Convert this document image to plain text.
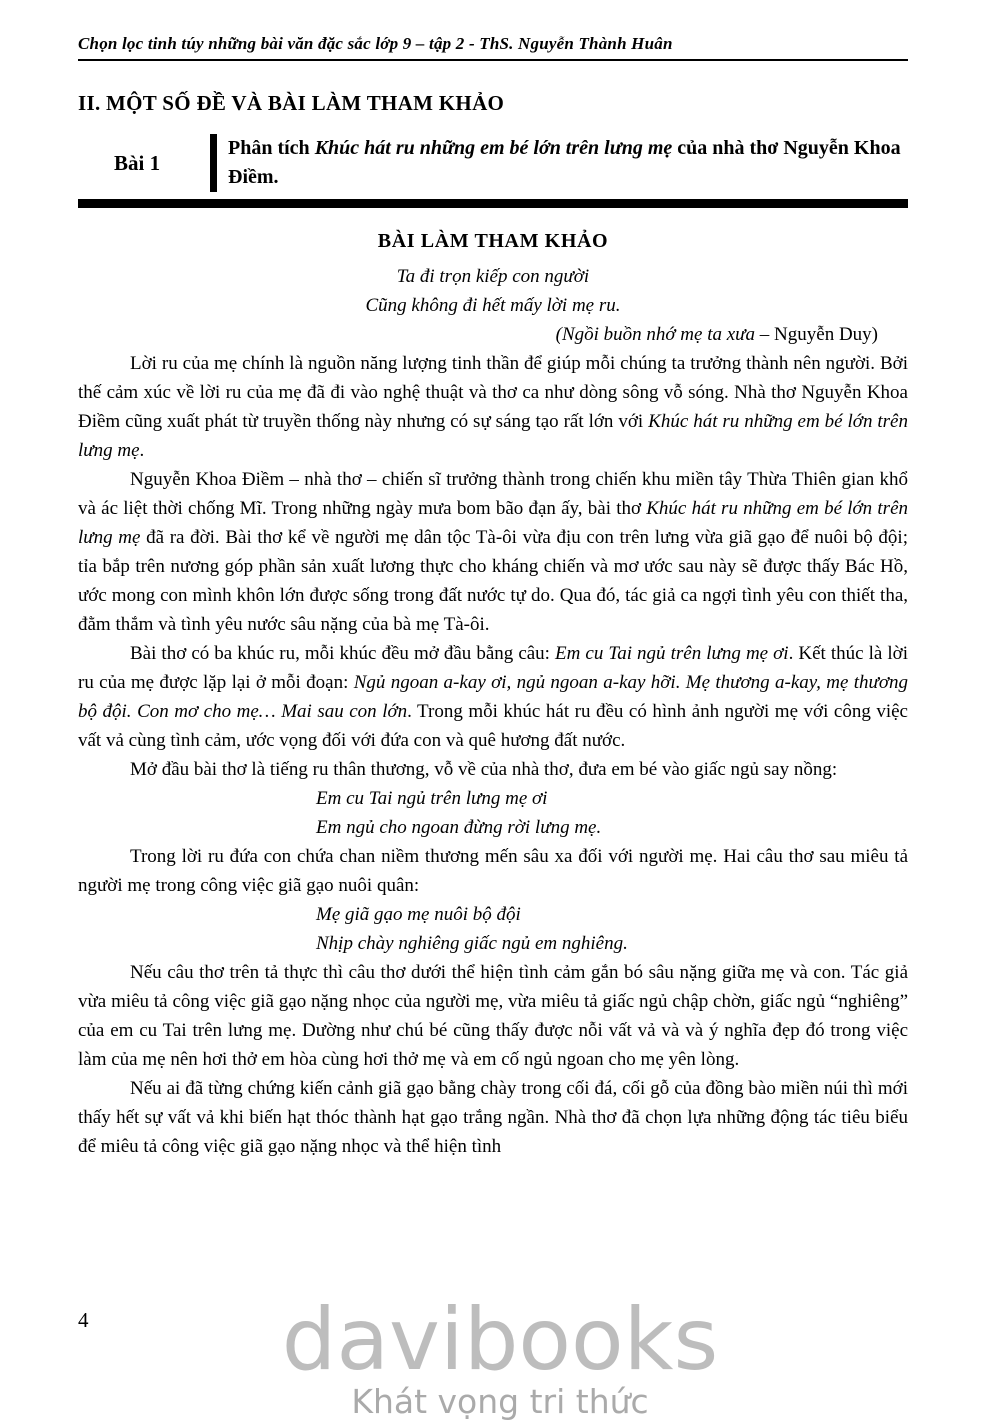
Chọn lọc tinh túy những bài văn đặc sắc lớp 9 – tập 2 - ThS. Nguyễn Thành Huân
II. MỘT SỐ ĐỀ VÀ BÀI LÀM THAM KHẢO
Bài 1
Phân tích Khúc hát ru những em bé lớn trên lưng mẹ của nhà thơ Nguyễn Khoa Điềm.
BÀI LÀM THAM KHẢO
Ta đi trọn kiếp con người
Cũng không đi hết mấy lời mẹ ru.
(Ngồi buồn nhớ mẹ ta xưa – Nguyễn Duy)

Lời ru của mẹ chính là nguồn năng lượng tinh thần để giúp mỗi chúng ta trưởng thành nên người. Bởi thế cảm xúc về lời ru của mẹ đã đi vào nghệ thuật và thơ ca như dòng sông vỗ sóng. Nhà thơ Nguyễn Khoa Điềm cũng xuất phát từ truyền thống này nhưng có sự sáng tạo rất lớn với Khúc hát ru những em bé lớn trên lưng mẹ.

Nguyễn Khoa Điềm – nhà thơ – chiến sĩ trưởng thành trong chiến khu miền tây Thừa Thiên gian khổ và ác liệt thời chống Mĩ. Trong những ngày mưa bom bão đạn ấy, bài thơ Khúc hát ru những em bé lớn trên lưng mẹ đã ra đời. Bài thơ kể về người mẹ dân tộc Tà-ôi vừa địu con trên lưng vừa giã gạo để nuôi bộ đội; tỉa bắp trên nương góp phần sản xuất lương thực cho kháng chiến và mơ ước sau này sẽ được thấy Bác Hồ, ước mong con mình khôn lớn được sống trong đất nước tự do. Qua đó, tác giả ca ngợi tình yêu con thiết tha, đằm thắm và tình yêu nước sâu nặng của bà mẹ Tà-ôi.

Bài thơ có ba khúc ru, mỗi khúc đều mở đầu bằng câu: Em cu Tai ngủ trên lưng mẹ ơi. Kết thúc là lời ru của mẹ được lặp lại ở mỗi đoạn: Ngủ ngoan a-kay ơi, ngủ ngoan a-kay hỡi. Mẹ thương a-kay, mẹ thương bộ đội. Con mơ cho mẹ… Mai sau con lớn. Trong mỗi khúc hát ru đều có hình ảnh người mẹ với công việc vất vả cùng tình cảm, ước vọng đối với đứa con và quê hương đất nước.

Mở đầu bài thơ là tiếng ru thân thương, vỗ về của nhà thơ, đưa em bé vào giấc ngủ say nồng:

Em cu Tai ngủ trên lưng mẹ ơi
Em ngủ cho ngoan đừng rời lưng mẹ.

Trong lời ru đứa con chứa chan niềm thương mến sâu xa đối với người mẹ. Hai câu thơ sau miêu tả người mẹ trong công việc giã gạo nuôi quân:

Mẹ giã gạo mẹ nuôi bộ đội
Nhịp chày nghiêng giấc ngủ em nghiêng.

Nếu câu thơ trên tả thực thì câu thơ dưới thể hiện tình cảm gắn bó sâu nặng giữa mẹ và con. Tác giả vừa miêu tả công việc giã gạo nặng nhọc của người mẹ, vừa miêu tả giấc ngủ chập chờn, giấc ngủ “nghiêng” của em cu Tai trên lưng mẹ. Dường như chú bé cũng thấy được nỗi vất vả và và ý nghĩa đẹp đó trong việc làm của mẹ nên hơi thở em hòa cùng hơi thở mẹ và em cố ngủ ngoan cho mẹ yên lòng.

Nếu ai đã từng chứng kiến cảnh giã gạo bằng chày trong cối đá, cối gỗ của đồng bào miền núi thì mới thấy hết sự vất vả khi biến hạt thóc thành hạt gạo trắng ngần. Nhà thơ đã chọn lựa những động tác tiêu biểu để miêu tả công việc giã gạo nặng nhọc và thể hiện tình

4	davibooks
Khát vọng tri thức
